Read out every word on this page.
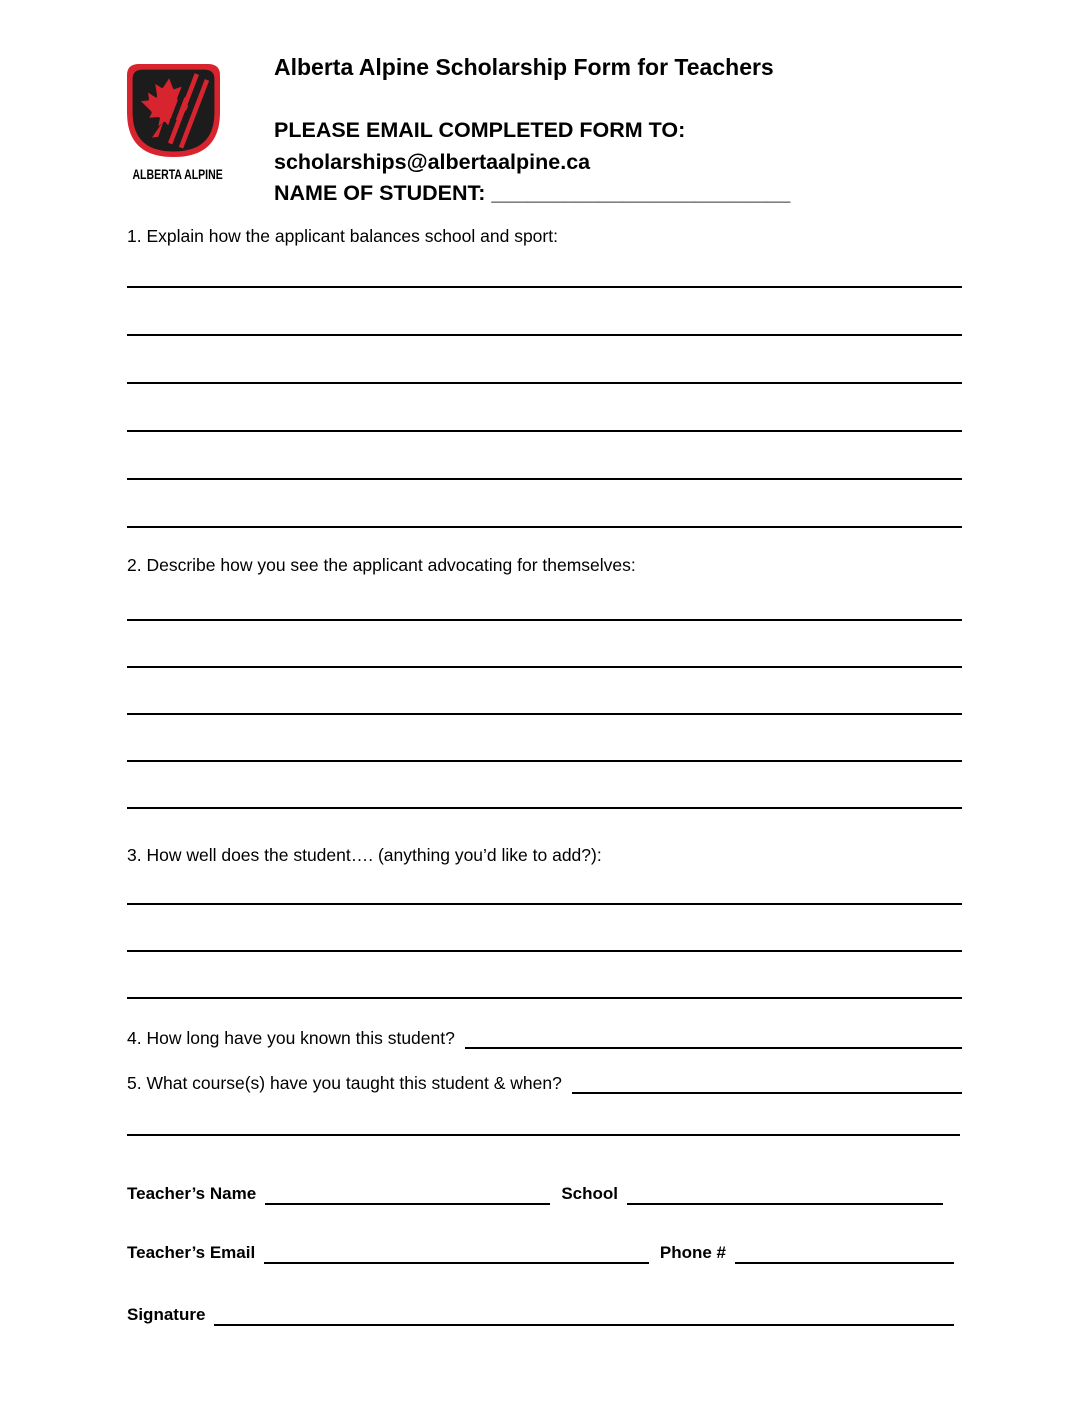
ALBERTA ALPINE
Alberta Alpine Scholarship Form for Teachers
PLEASE EMAIL COMPLETED FORM TO:
scholarships@albertaalpine.ca
NAME OF STUDENT: _________________________
1. Explain how the applicant balances school and sport:
2. Describe how you see the applicant advocating for themselves:
3. How well does the student…. (anything you’d like to add?):
4. How long have you known this student?
5. What course(s) have you taught this student & when?
Teacher’s Name	School
Teacher’s Email	Phone #
Signature
